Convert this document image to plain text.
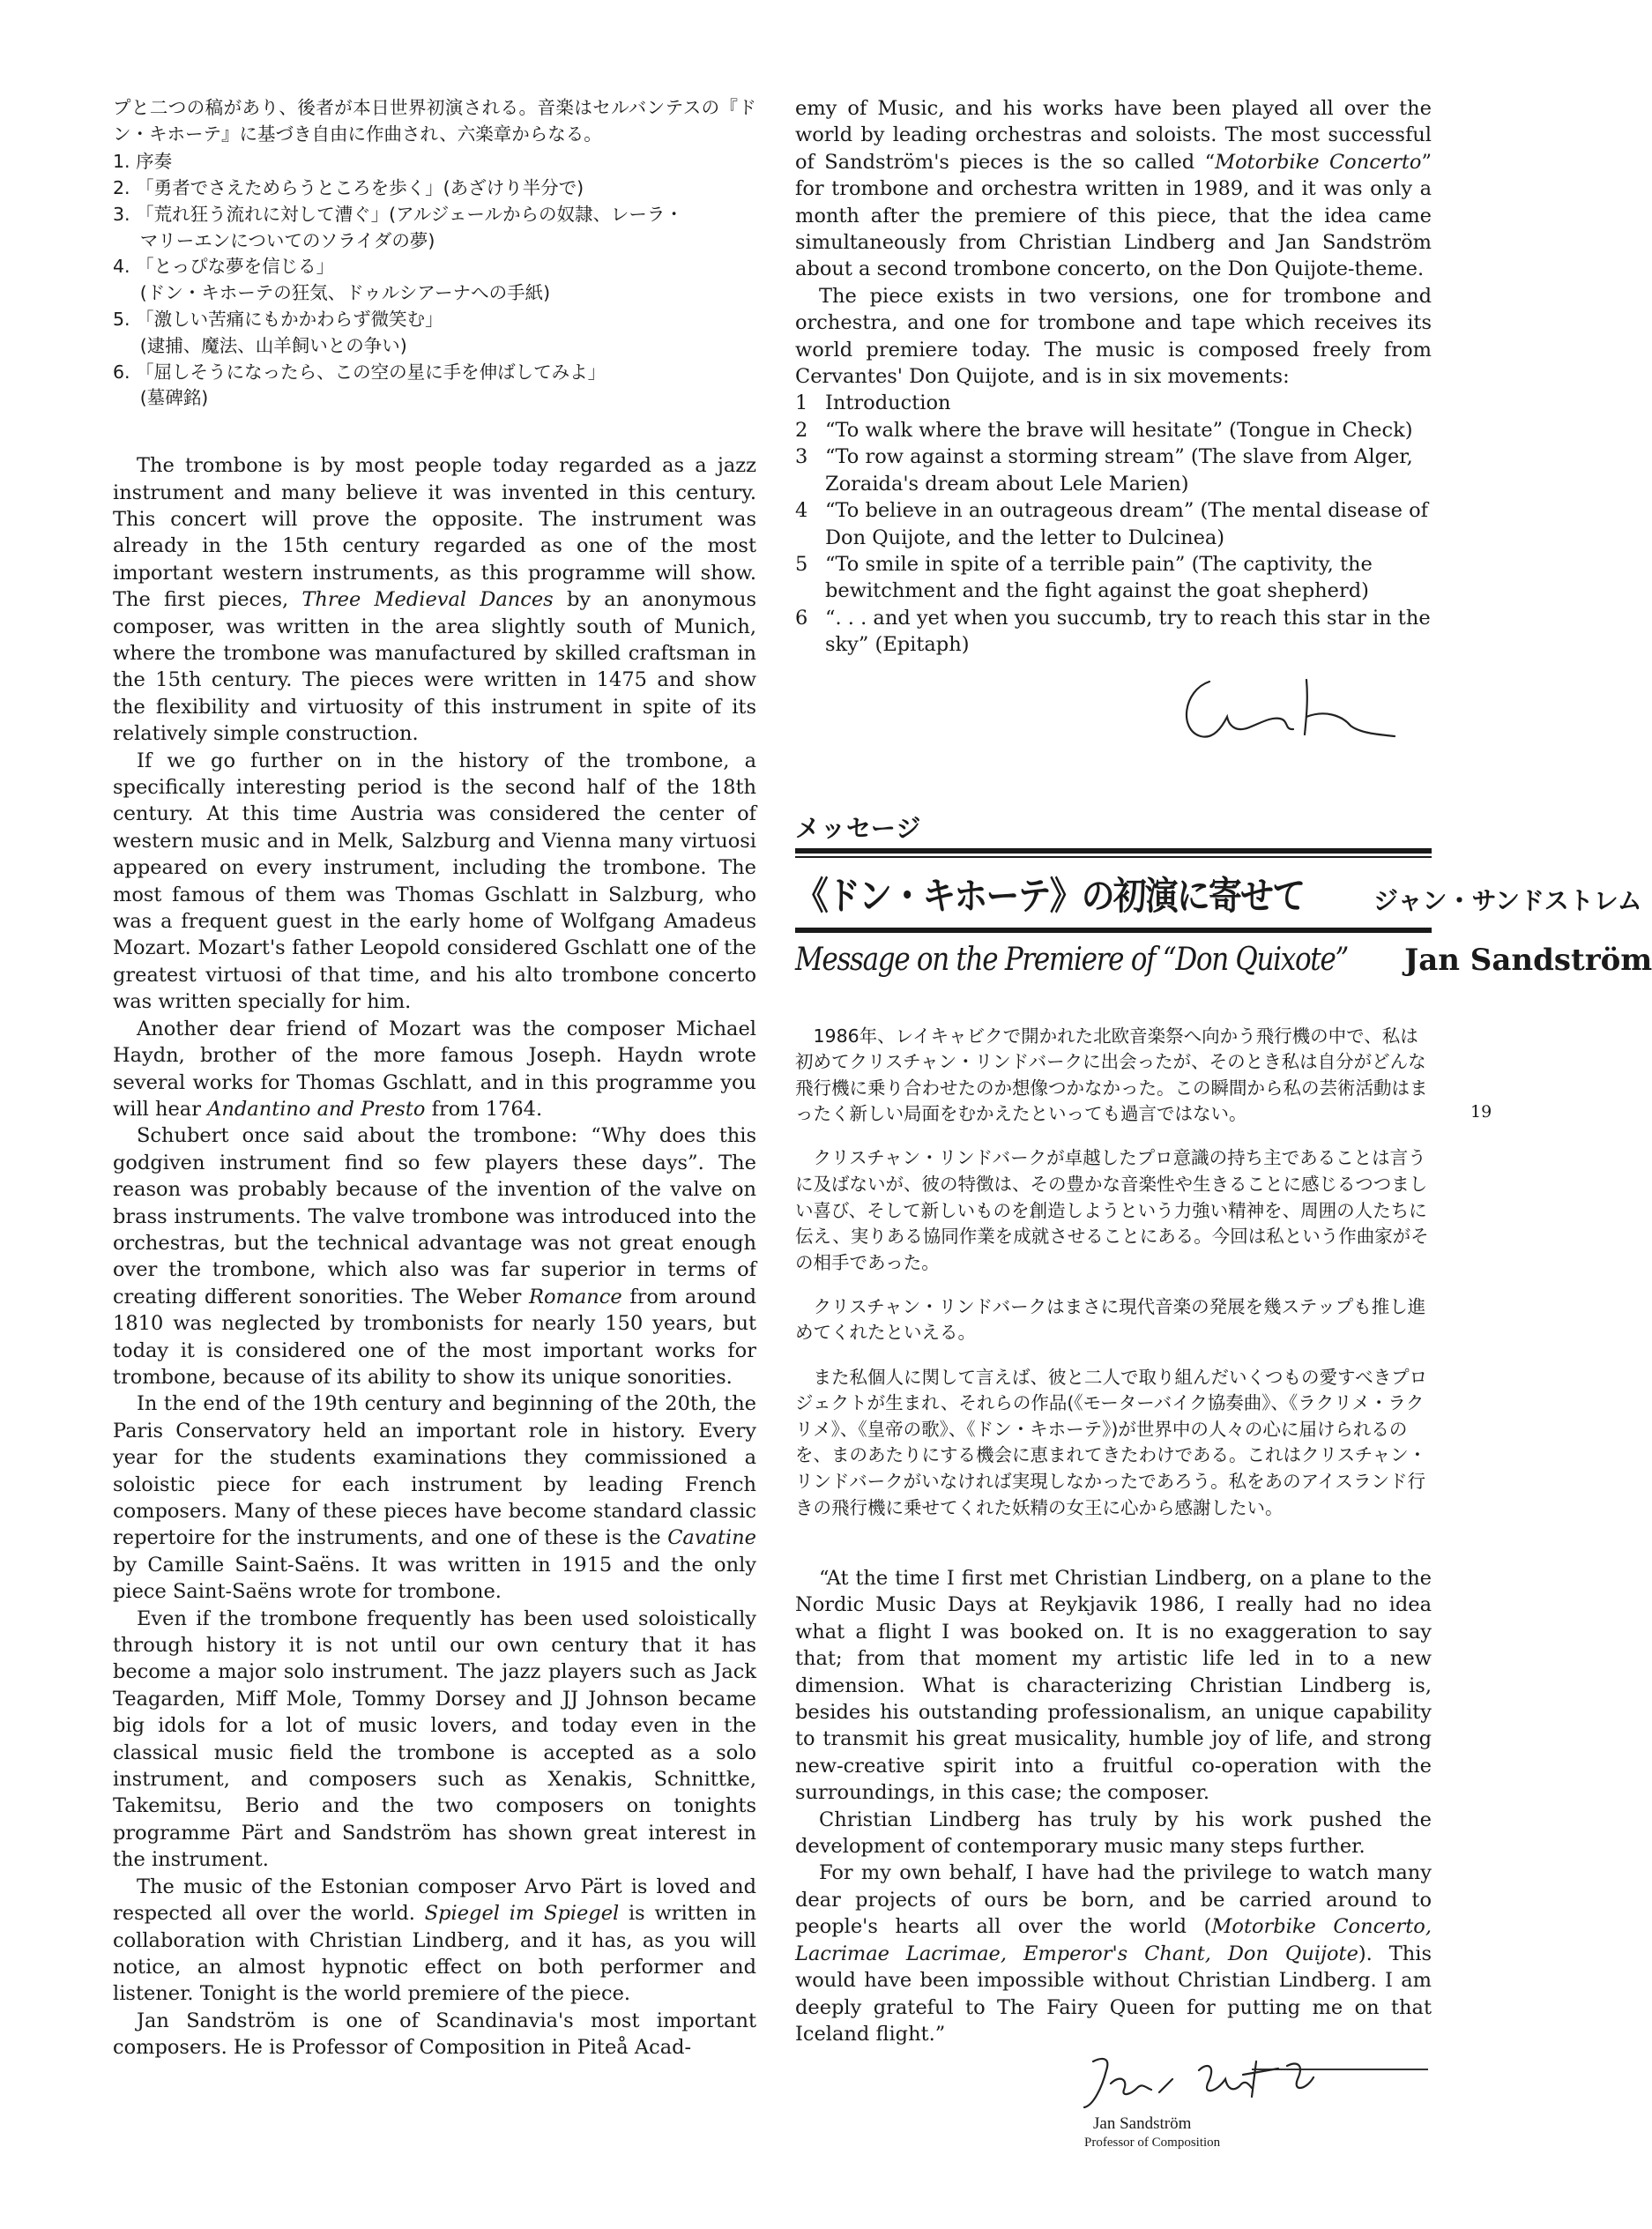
プと二つの稿があり、後者が本日世界初演される。音楽はセルバンテスの『ドン・キホーテ』に基づき自由に作曲され、六楽章からなる。

1. 序奏
2. 「勇者でさえためらうところを歩く」(あざけり半分で)
3. 「荒れ狂う流れに対して漕ぐ」(アルジェールからの奴隷、レーラ・
マリーエンについてのソライダの夢)
4. 「とっぴな夢を信じる」
(ドン・キホーテの狂気、ドゥルシアーナへの手紙)
5. 「激しい苦痛にもかかわらず微笑む」
(逮捕、魔法、山羊飼いとの争い)
6. 「屈しそうになったら、この空の星に手を伸ばしてみよ」
(墓碑銘)

The trombone is by most people today regarded as a jazz instrument and many believe it was invented in this century. This concert will prove the opposite. The instrument was already in the 15th century regarded as one of the most important western instruments, as this programme will show. The first pieces, Three Medieval Dances by an anonymous composer, was written in the area slightly south of Munich, where the trombone was manufactured by skilled craftsman in the 15th century. The pieces were written in 1475 and show the flexibility and virtuosity of this instrument in spite of its relatively simple construction.

If we go further on in the history of the trombone, a specifically interesting period is the second half of the 18th century. At this time Austria was considered the center of western music and in Melk, Salzburg and Vienna many virtuosi appeared on every instrument, including the trombone. The most famous of them was Thomas Gschlatt in Salzburg, who was a frequent guest in the early home of Wolfgang Amadeus Mozart. Mozart's father Leopold considered Gschlatt one of the greatest virtuosi of that time, and his alto trombone concerto was written specially for him.

Another dear friend of Mozart was the composer Michael Haydn, brother of the more famous Joseph. Haydn wrote several works for Thomas Gschlatt, and in this programme you will hear Andantino and Presto from 1764.

Schubert once said about the trombone: “Why does this godgiven instrument find so few players these days”. The reason was probably because of the invention of the valve on brass instruments. The valve trombone was introduced into the orchestras, but the technical advantage was not great enough over the trombone, which also was far superior in terms of creating different sonorities. The Weber Romance from around 1810 was neglected by trombonists for nearly 150 years, but today it is considered one of the most important works for trombone, because of its ability to show its unique sonorities.

In the end of the 19th century and beginning of the 20th, the Paris Conservatory held an important role in history. Every year for the students examinations they commissioned a soloistic piece for each instrument by leading French composers. Many of these pieces have become standard classic repertoire for the instruments, and one of these is the Cavatine by Camille Saint-Saëns. It was written in 1915 and the only piece Saint-Saëns wrote for trombone.

Even if the trombone frequently has been used soloistically through history it is not until our own century that it has become a major solo instrument. The jazz players such as Jack Teagarden, Miff Mole, Tommy Dorsey and JJ Johnson became big idols for a lot of music lovers, and today even in the classical music field the trombone is accepted as a solo instrument, and composers such as Xenakis, Schnittke, Takemitsu, Berio and the two composers on tonights programme Pärt and Sandström has shown great interest in the instrument.

The music of the Estonian composer Arvo Pärt is loved and respected all over the world. Spiegel im Spiegel is written in collaboration with Christian Lindberg, and it has, as you will notice, an almost hypnotic effect on both performer and listener. Tonight is the world premiere of the piece.

Jan Sandström is one of Scandinavia's most important composers. He is Professor of Composition in Piteå Acad-

emy of Music, and his works have been played all over the world by leading orchestras and soloists. The most successful of Sandström's pieces is the so called “Motorbike Concerto” for trombone and orchestra written in 1989, and it was only a month after the premiere of this piece, that the idea came simultaneously from Christian Lindberg and Jan Sandström about a second trombone concerto, on the Don Quijote-theme.

The piece exists in two versions, one for trombone and orchestra, and one for trombone and tape which receives its world premiere today. The music is composed freely from Cervantes' Don Quijote, and is in six movements:

1 Introduction
2 “To walk where the brave will hesitate” (Tongue in Check)
3 “To row against a storming stream” (The slave from Alger, Zoraida's dream about Lele Marien)
4 “To believe in an outrageous dream” (The mental disease of Don Quijote, and the letter to Dulcinea)
5 “To smile in spite of a terrible pain” (The captivity, the bewitchment and the fight against the goat shepherd)
6 “. . . and yet when you succumb, try to reach this star in the sky” (Epitaph)

メッセージ

《ドン・キホーテ》の初演に寄せて	ジャン・サンドストレム
Message on the Premiere of “Don Quixote” Jan Sandström

1986年、レイキャビクで開かれた北欧音楽祭へ向かう飛行機の中で、私は初めてクリスチャン・リンドバークに出会ったが、そのとき私は自分がどんな飛行機に乗り合わせたのか想像つかなかった。この瞬間から私の芸術活動はまったく新しい局面をむかえたといっても過言ではない。

クリスチャン・リンドバークが卓越したプロ意識の持ち主であることは言うに及ばないが、彼の特徴は、その豊かな音楽性や生きることに感じるつつましい喜び、そして新しいものを創造しようという力強い精神を、周囲の人たちに伝え、実りある協同作業を成就させることにある。今回は私という作曲家がその相手であった。

クリスチャン・リンドバークはまさに現代音楽の発展を幾ステップも推し進めてくれたといえる。

また私個人に関して言えば、彼と二人で取り組んだいくつもの愛すべきプロジェクトが生まれ、それらの作品(《モーターバイク協奏曲》、《ラクリメ・ラクリメ》、《皇帝の歌》、《ドン・キホーテ》)が世界中の人々の心に届けられるのを、まのあたりにする機会に恵まれてきたわけである。これはクリスチャン・リンドバークがいなければ実現しなかったであろう。私をあのアイスランド行きの飛行機に乗せてくれた妖精の女王に心から感謝したい。

“At the time I first met Christian Lindberg, on a plane to the Nordic Music Days at Reykjavik 1986, I really had no idea what a flight I was booked on. It is no exaggeration to say that; from that moment my artistic life led in to a new dimension. What is characterizing Christian Lindberg is, besides his outstanding professionalism, an unique capability to transmit his great musicality, humble joy of life, and strong new-creative spirit into a fruitful co-operation with the surroundings, in this case; the composer.

Christian Lindberg has truly by his work pushed the development of contemporary music many steps further.

For my own behalf, I have had the privilege to watch many dear projects of ours be born, and be carried around to people's hearts all over the world (Motorbike Concerto, Lacrimae Lacrimae, Emperor's Chant, Don Quijote). This would have been impossible without Christian Lindberg. I am deeply grateful to The Fairy Queen for putting me on that Iceland flight.”

Jan Sandström
Professor of Composition
19
